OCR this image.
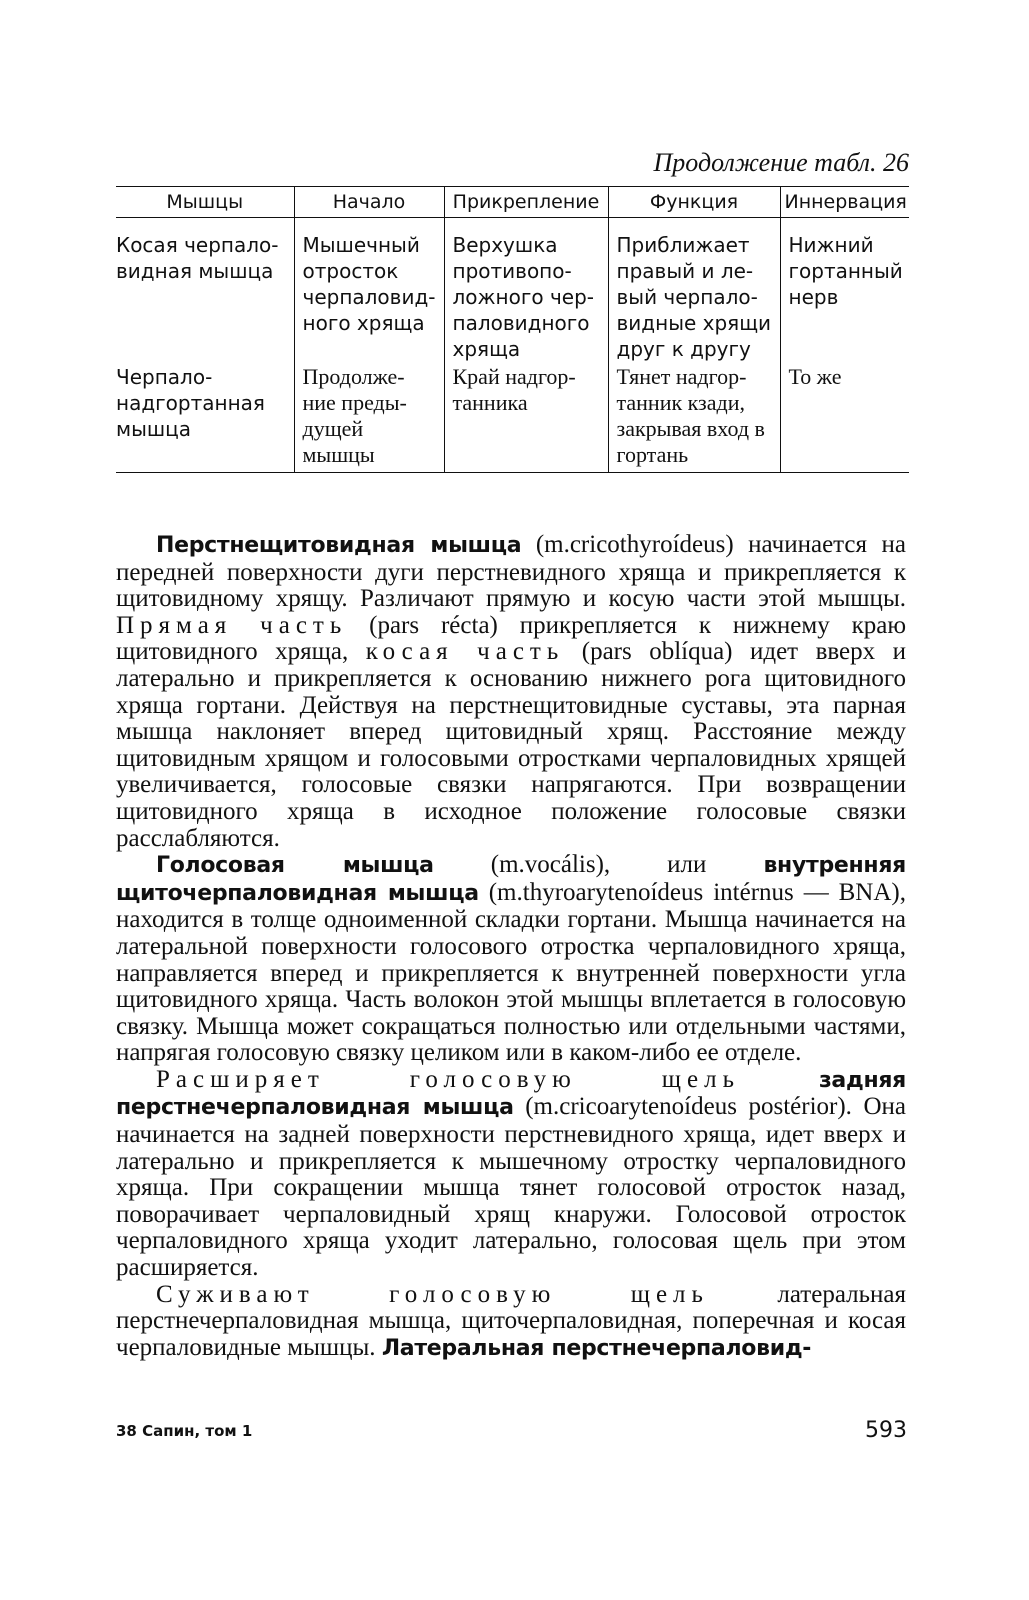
Продолжение табл. 26
Мышцы	Начало	Прикрепление	Функция	Иннервация
Косая черпало-видная мышца	Мышечный отросток черпаловид-ного хряща	Верхушка противопо-ложного чер-паловидного хряща	Приближает правый и ле-вый черпало-видные хрящи друг к другу	Нижний гортанный нерв
Черпало-надгортанная мышца	Продолже-ние преды-дущей мышцы	Край надгор-танника	Тянет надгор-танник кзади, закрывая вход в гортань	То же

Перстнещитовидная мышца (m.cricothyroídeus) начинается на передней поверхности дуги перстневидного хряща и прикрепляется к щитовидному хрящу. Различают прямую и косую части этой мышцы. Прямая часть (pars récta) прикрепляется к нижнему краю щитовидного хряща, косая часть (pars oblíqua) идет вверх и латерально и прикрепляется к основанию нижнего рога щитовидного хряща гортани. Действуя на перстнещитовидные суставы, эта парная мышца наклоняет вперед щитовидный хрящ. Расстояние между щитовидным хрящом и голосовыми отростками черпаловидных хрящей увеличивается, голосовые связки напрягаются. При возвращении щитовидного хряща в исходное положение голосовые связки расслабляются.

Голосовая мышца (m.vocális), или внутренняя щиточерпаловидная мышца (m.thyroarytenoídeus intérnus — BNA), находится в толще одноименной складки гортани. Мышца начинается на латеральной поверхности голосового отростка черпаловидного хряща, направляется вперед и прикрепляется к внутренней поверхности угла щитовидного хряща. Часть волокон этой мышцы вплетается в голосовую связку. Мышца может сокращаться полностью или отдельными частями, напрягая голосовую связку целиком или в каком-либо ее отделе.

Расширяет голосовую щель	задняя перстнечерпаловидная мышца (m.cricoarytenoídeus postérior). Она начинается на задней поверхности перстневидного хряща, идет вверх и латерально и прикрепляется к мышечному отростку черпаловидного хряща. При сокращении мышца тянет голосовой отросток назад, поворачивает черпаловидный хрящ кнаружи. Голосовой отросток черпаловидного хряща уходит латерально, голосовая щель при этом расширяется.

Суживают голосовую щель латеральная перстнечерпаловидная мышца, щиточерпаловидная, поперечная и косая черпаловидные мышцы. Латеральная перстнечерпаловид-

38 Сапин, том 1	593
